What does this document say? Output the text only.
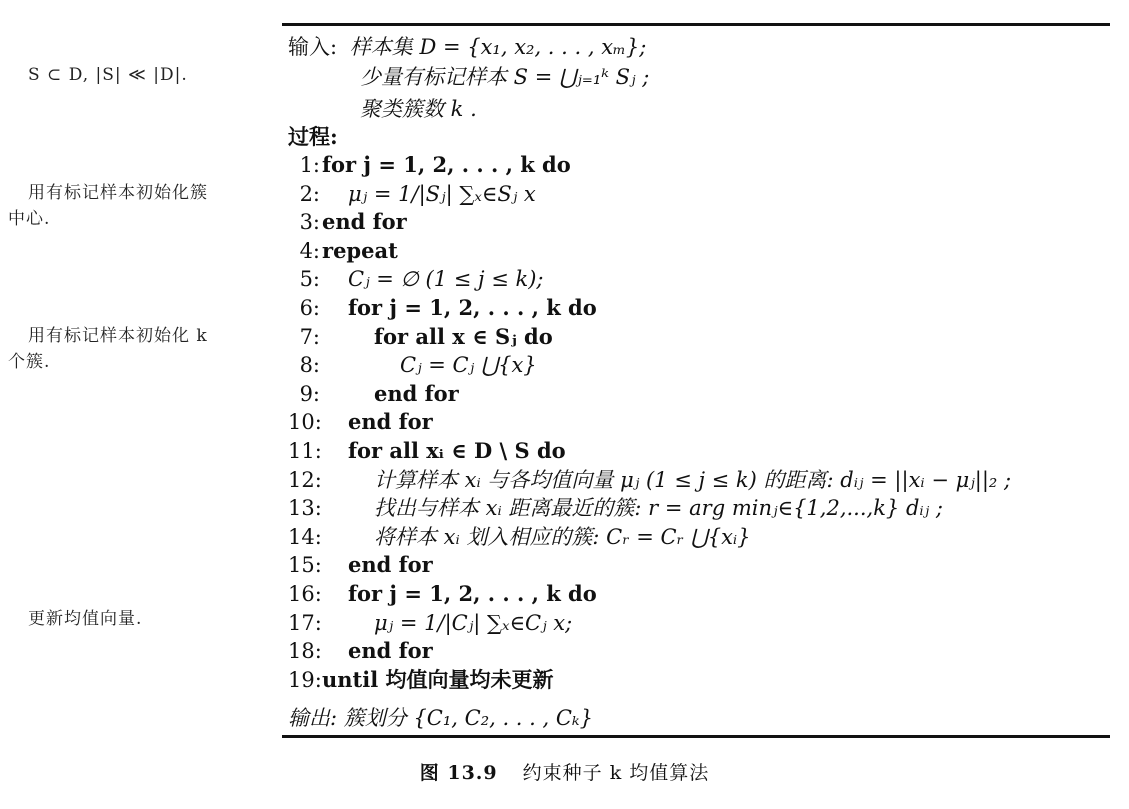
S ⊂ D, |S| ≪ |D|.
用有标记样本初始化簇
中心.
用有标记样本初始化 k
个簇.
更新均值向量.
输入: 样本集 D = {x₁, x₂, . . . , xₘ};
少量有标记样本 S = ⋃ⱼ₌₁ᵏ Sⱼ ;
聚类簇数 k .
过程:
1:for j = 1, 2, . . . , k do
2: μⱼ = 1/|Sⱼ| ∑ₓ∈Sⱼ x
3:end for
4:repeat
5: Cⱼ = ∅ (1 ≤ j ≤ k);
6: for j = 1, 2, . . . , k do
7:	for all x ∈ Sⱼ do
8:	Cⱼ = Cⱼ ⋃{x}
9:	end for
10: end for
11: for all xᵢ ∈ D \ S do
12: 计算样本 xᵢ 与各均值向量 μⱼ (1 ≤ j ≤ k) 的距离: dᵢⱼ = ||xᵢ − μⱼ||₂ ;
13: 找出与样本 xᵢ 距离最近的簇: r = arg minⱼ∈{1,2,...,k} dᵢⱼ ;
14: 将样本 xᵢ 划入相应的簇: Cᵣ = Cᵣ ⋃{xᵢ}
15: end for
16: for j = 1, 2, . . . , k do
17: μⱼ = 1/|Cⱼ| ∑ₓ∈Cⱼ x;
18: end for
19:until 均值向量均未更新
输出: 簇划分 {C₁, C₂, . . . , Cₖ}
图 13.9 约束种子 k 均值算法
